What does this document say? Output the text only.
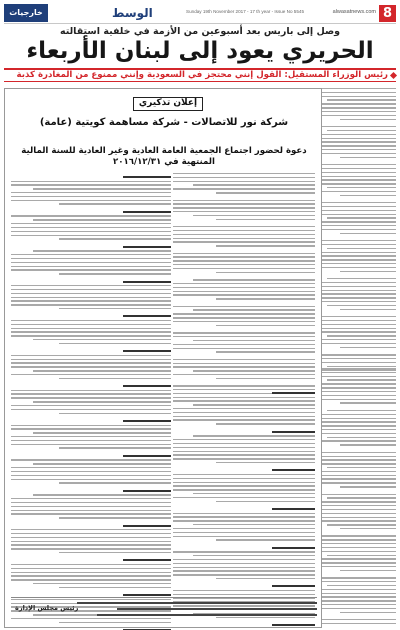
8
alwasatnews.com
Sunday 19th November 2017 - 17 th year - Issue No 5545
الوسط
خارجيات
وصل إلى باريس بعد أسبوعين من الأزمة في خلفية استقالته
الحريري يعود إلى لبنان الأربعاء
رئيس الوزراء المستقيل: القول إنني محتجز في السعودية وإنني ممنوع من المغادرة كذبة
إعلان تذكيري
شركة نور للاتصالات - شركة مساهمة كويتية (عامة)
دعوة لحضور اجتماع الجمعية العامة العادية وغير العادية للسنة المالية المنتهية في ٢٠١٦/١٢/٣١
رئيس مجلس الإدارة
